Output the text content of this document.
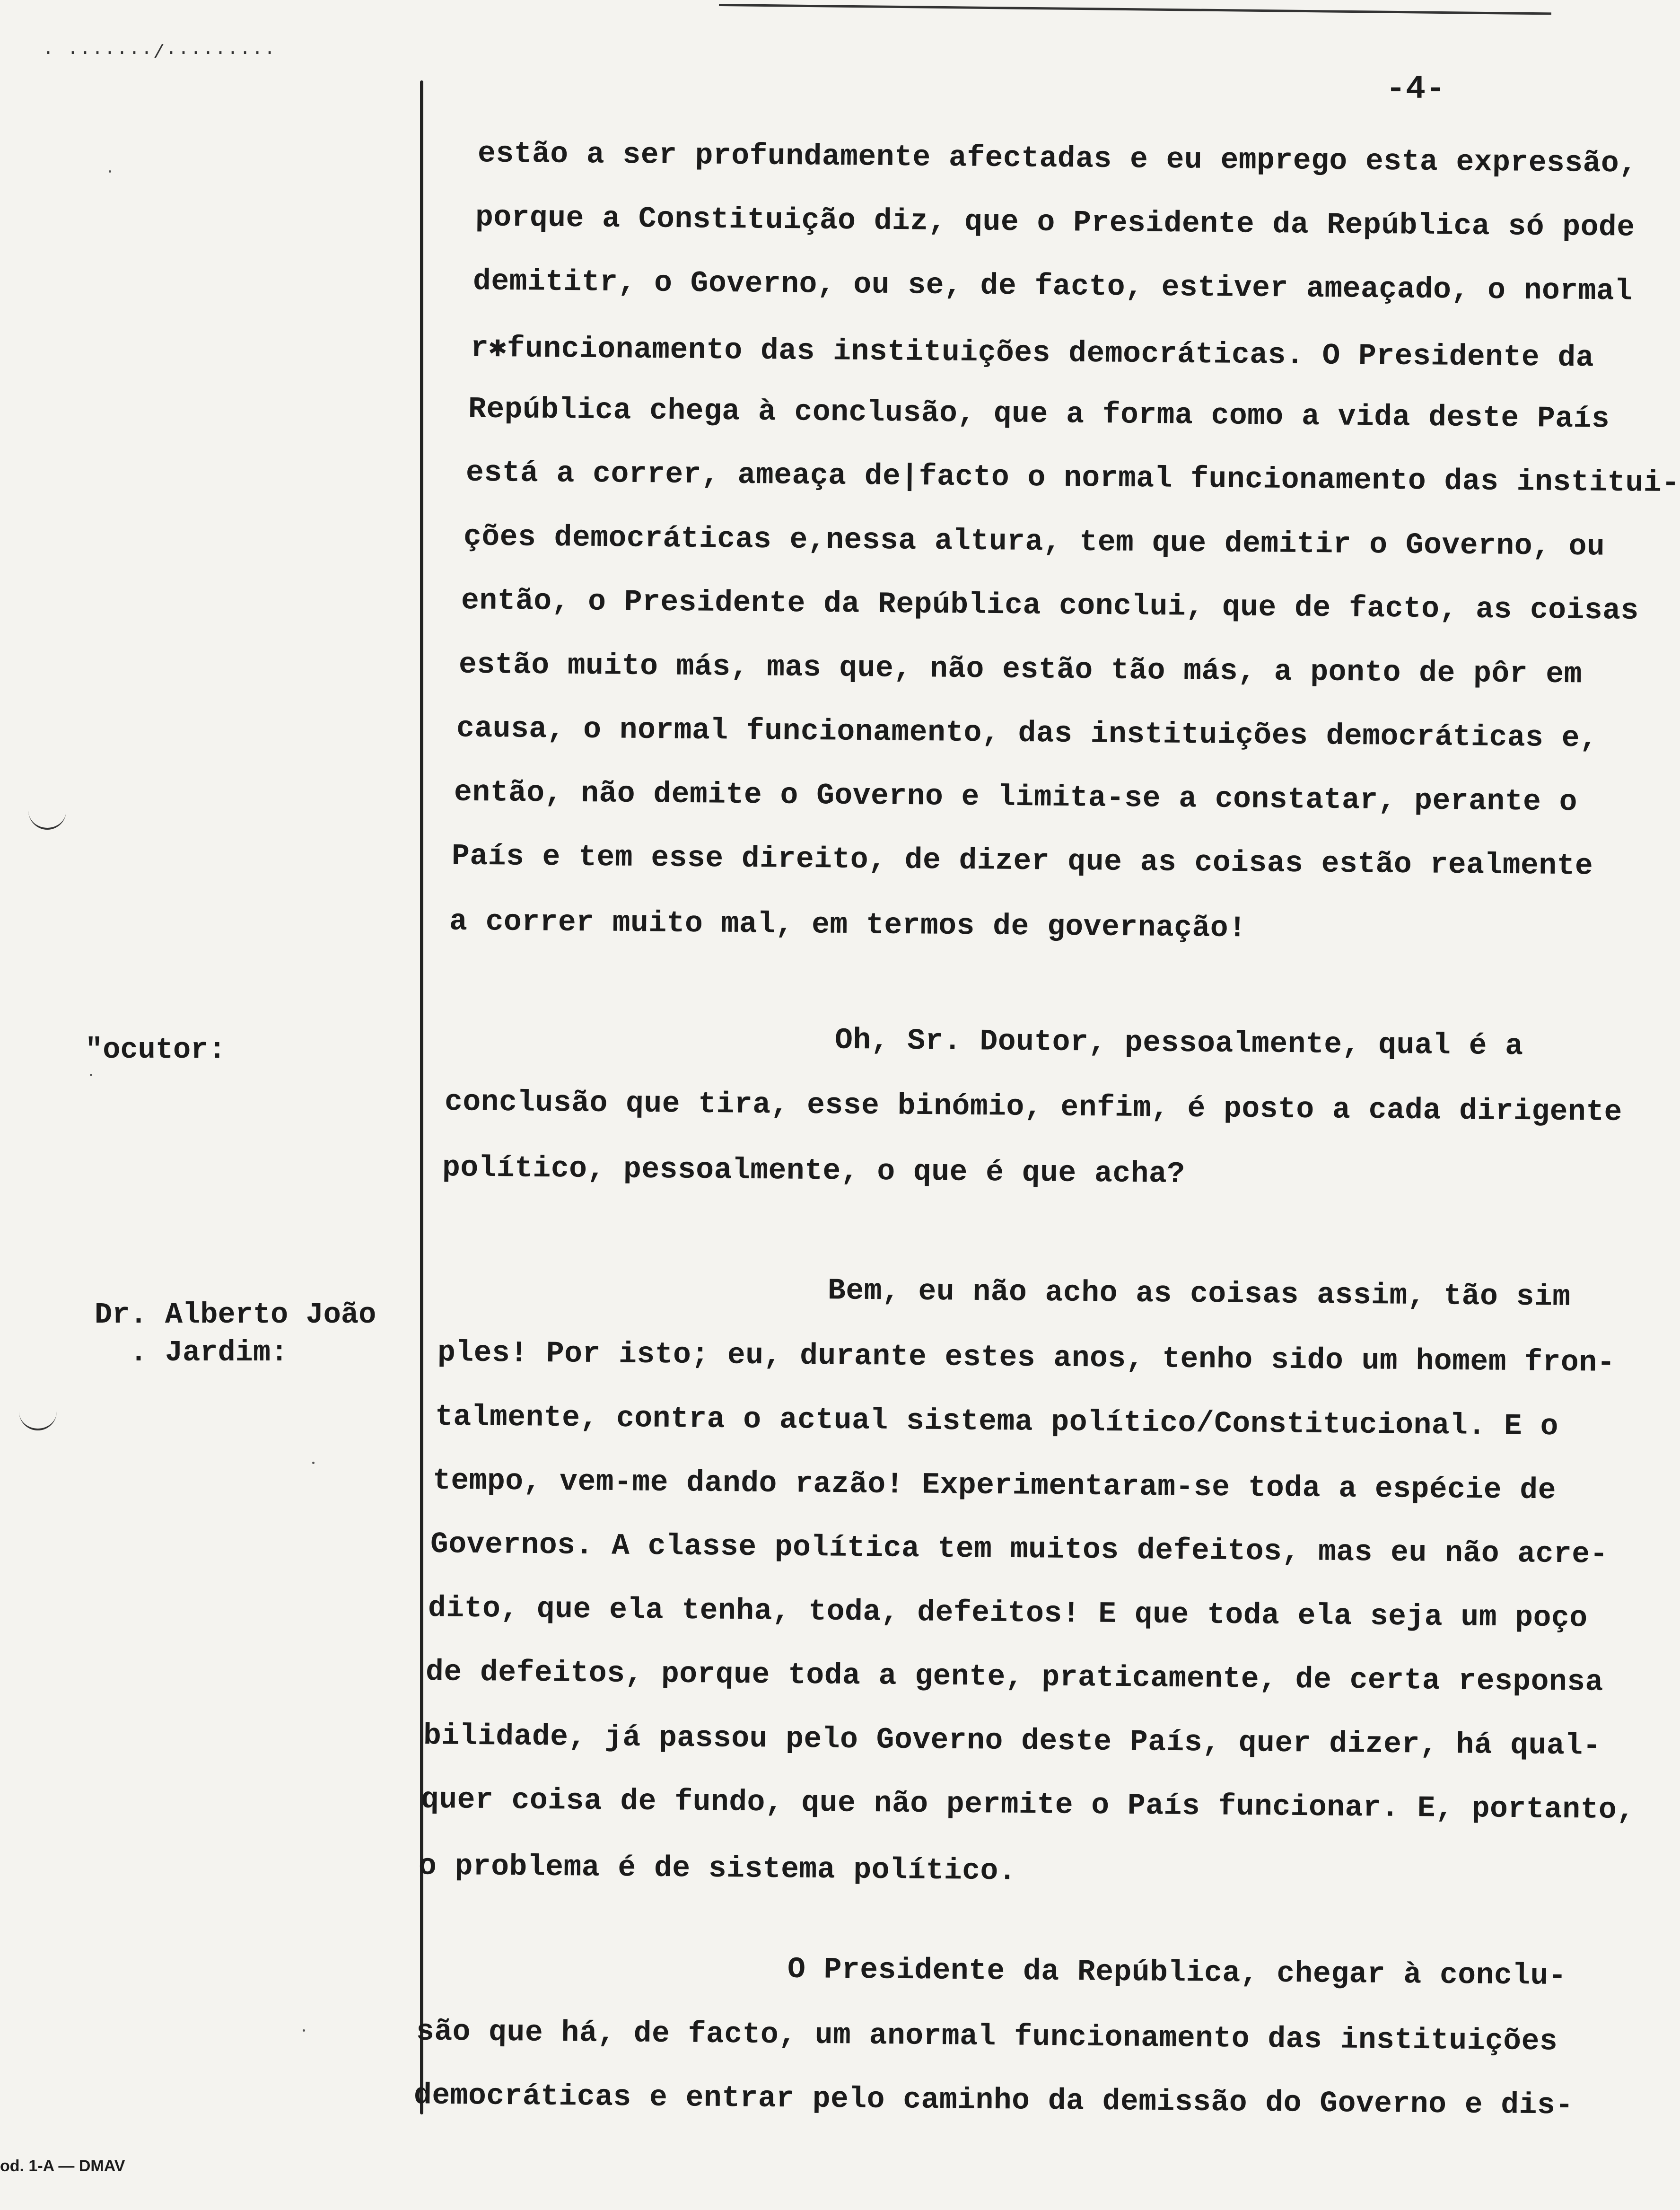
· ·······/·········
-4-
"ocutor:
Dr. Alberto João
. Jardim:
estão a ser profundamente afectadas e eu emprego esta expressão,
porque a Constituição diz, que o Presidente da República só pode
demititr, o Governo, ou se, de facto, estiver ameaçado, o normal
r✱funcionamento das instituições democráticas. O Presidente da
República chega à conclusão, que a forma como a vida deste País
está a correr, ameaça de|facto o normal funcionamento das institui-
ções democráticas e,nessa altura, tem que demitir o Governo, ou
então, o Presidente da República conclui, que de facto, as coisas
estão muito más, mas que, não estão tão más, a ponto de pôr em
causa, o normal funcionamento, das instituições democráticas e,
então, não demite o Governo e limita-se a constatar, perante o
País e tem esse direito, de dizer que as coisas estão realmente
a correr muito mal, em termos de governação!
Oh, Sr. Doutor, pessoalmente, qual é a
conclusão que tira, esse binómio, enfim, é posto a cada dirigente
político, pessoalmente, o que é que acha?
Bem, eu não acho as coisas assim, tão sim
ples! Por isto; eu, durante estes anos, tenho sido um homem fron-
talmente, contra o actual sistema político/Constitucional. E o
tempo, vem-me dando razão! Experimentaram-se toda a espécie de
Governos. A classe política tem muitos defeitos, mas eu não acre-
dito, que ela tenha, toda, defeitos! E que toda ela seja um poço
de defeitos, porque toda a gente, praticamente, de certa responsa
bilidade, já passou pelo Governo deste País, quer dizer, há qual-
quer coisa de fundo, que não permite o País funcionar. E, portanto,
o problema é de sistema político.
O Presidente da República, chegar à conclu-
são que há, de facto, um anormal funcionamento das instituições
democráticas e entrar pelo caminho da demissão do Governo e dis-
od. 1-A — DMAV
